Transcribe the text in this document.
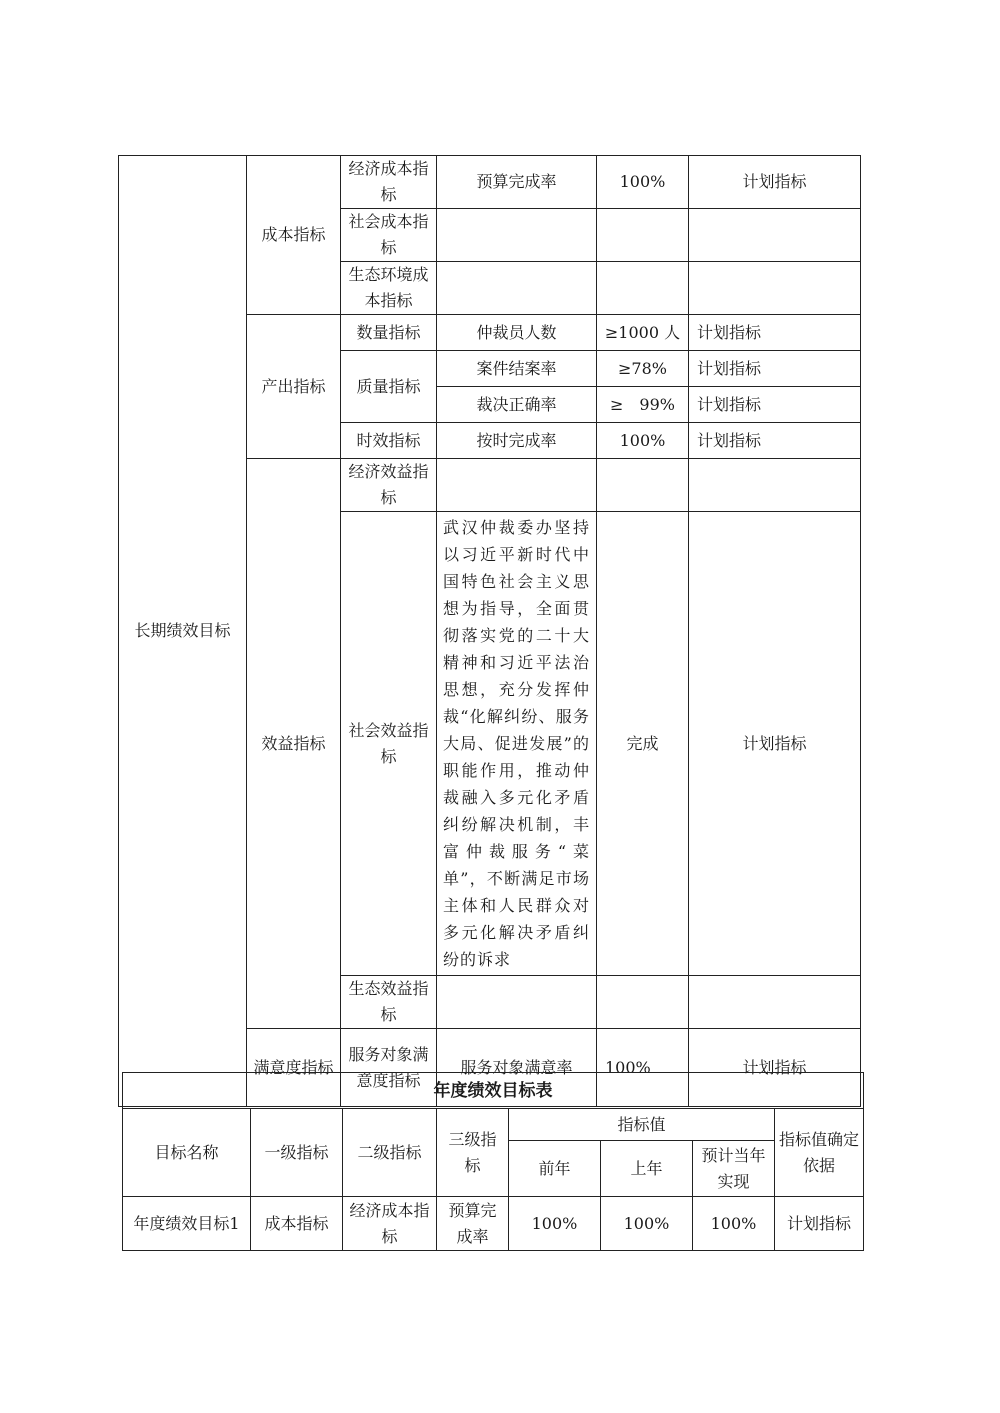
长期绩效目标	成本指标	经济成本指标	预算完成率	100%	计划指标
		社会成本指标			
		生态环境成本指标			
	产出指标	数量指标	仲裁员人数	≥1000 人	计划指标
		质量指标	案件结案率	≥78%	计划指标
			裁决正确率	≥　99%	计划指标
		时效指标	按时完成率	100%	计划指标
	效益指标	经济效益指标			
		社会效益指标	武汉仲裁委办坚持以习近平新时代中国特色社会主义思想为指导，全面贯彻落实党的二十大精神和习近平法治思想，充分发挥仲裁“化解纠纷、服务大局、促进发展”的职能作用，推动仲裁融入多元化矛盾纠纷解决机制，丰富仲裁服务“菜单”，不断满足市场主体和人民群众对多元化解决矛盾纠纷的诉求	完成	计划指标
		生态效益指标			
	满意度指标	服务对象满意度指标	服务对象满意率	100%	计划指标
年度绩效目标表							
目标名称	一级指标	二级指标	三级指标	指标值			指标值确定依据
				前年	上年	预计当年实现	
年度绩效目标1	成本指标	经济成本指标	预算完成率	100%	100%	100%	计划指标
